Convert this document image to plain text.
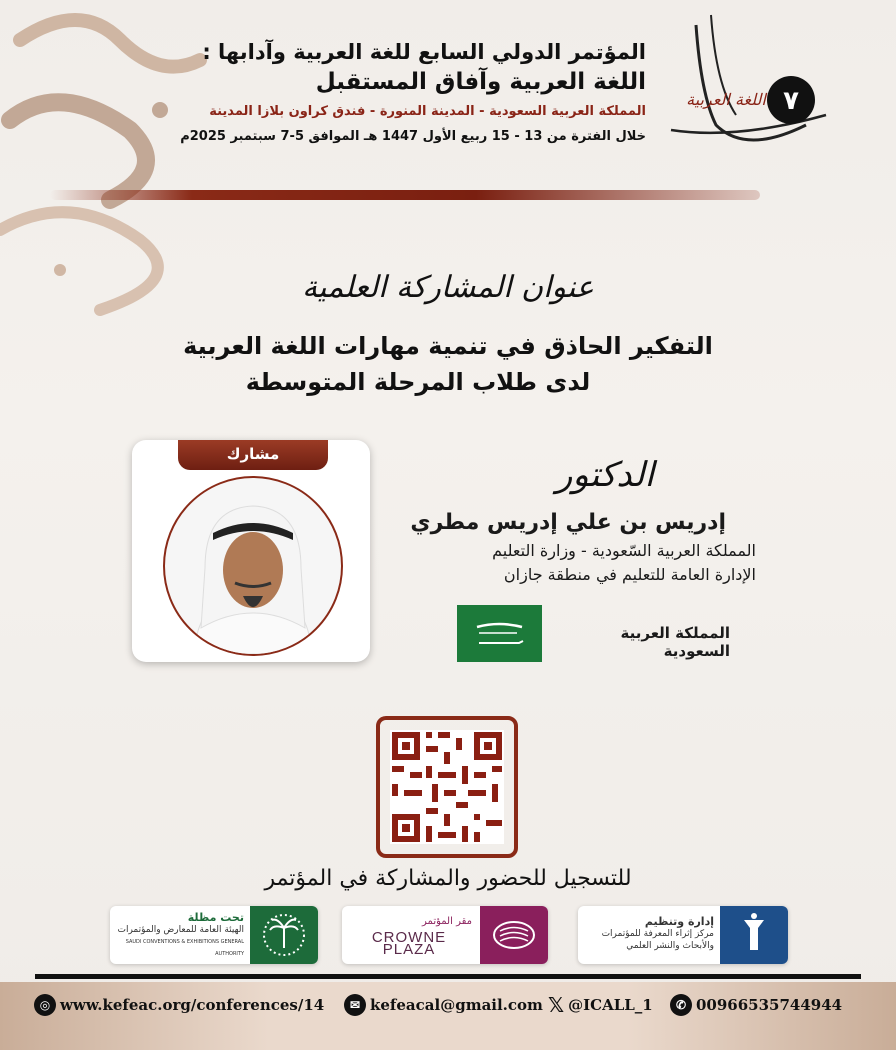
٧
اللغة العربية
المؤتمر الدولي السابع للغة العربية وآدابها :
اللغة العربية وآفاق المستقبل
المملكة العربية السعودية - المدينة المنورة - فندق كراون بلازا المدينة
خلال الفترة من 13 - 15 ربيع الأول 1447 هـ الموافق 5-7 سبتمبر 2025م
عنوان المشاركة العلمية
التفكير الحاذق في تنمية مهارات اللغة العربية
لدى طلاب المرحلة المتوسطة
مشارك
الدكتور
إدريس بن علي إدريس مطري
المملكة العربية السّعودية - وزارة التعليم
الإدارة العامة للتعليم في منطقة جازان
المملكة العربية السعودية
للتسجيل للحضور والمشاركة في المؤتمر
تحت مظلة
الهيئة العامة للمعارض والمؤتمرات
SAUDI CONVENTIONS & EXHIBITIONS GENERAL AUTHORITY
مقر المؤتمر
CROWNE PLAZA
إدارة وتنظيم
مركز إثراء المعرفة للمؤتمرات والأبحاث والنشر العلمي
◎ www.kefeac.org/conferences/14	✉ kefeacal@gmail.com 𝕏 @ICALL_1	✆ 00966535744944
